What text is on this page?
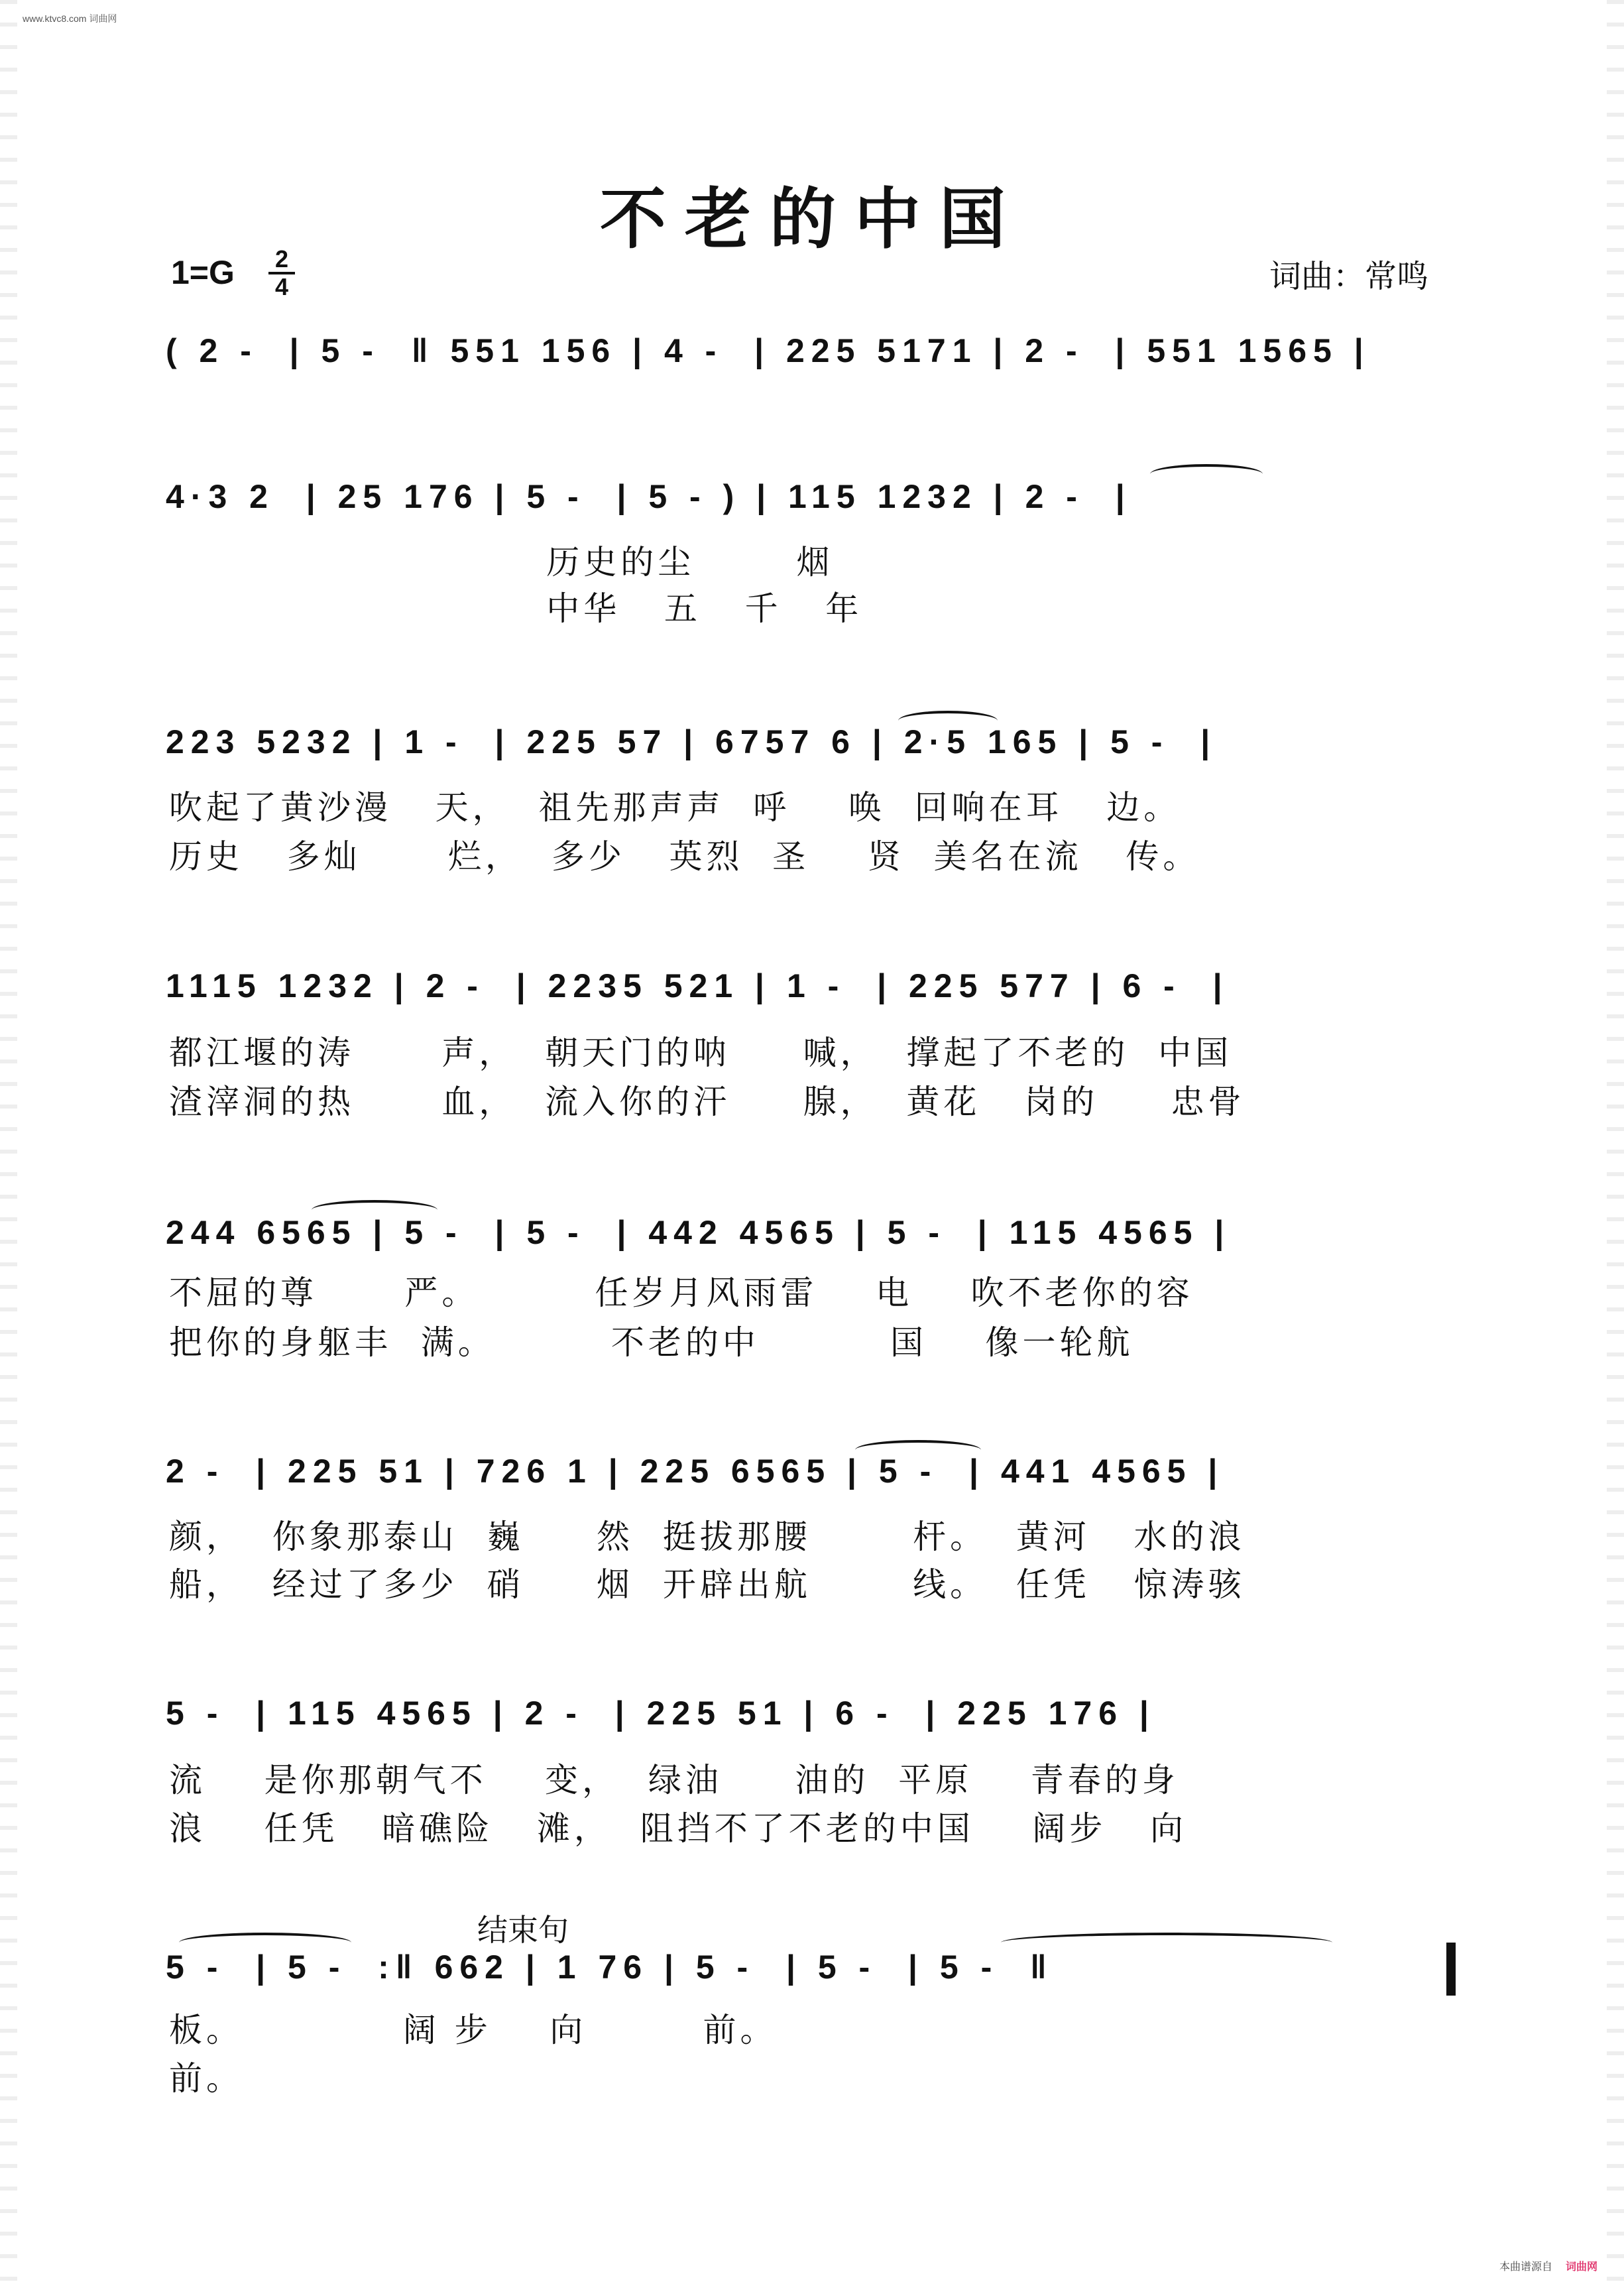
www.ktvc8.com 词曲网
不老的中国
1=G 2
4	词曲：常鸣
( 2 -  | 5 -  ‖ 551 156 | 4 -  | 225 5171 | 2 -  | 551 1565 |
4·3 2  | 25 176 | 5 -  | 5 - ) | 115 1232 | 2 -  |
历史的尘       烟
中华   五   千   年
223 5232 | 1 -  | 225 57 | 6757 6 | 2·5 165 | 5 -  |
吹起了黄沙漫   天，  祖先那声声  呼    唤  回响在耳   边。
历史   多灿      烂，  多少   英烈  圣    贤  美名在流   传。
1115 1232 | 2 -  | 2235 521 | 1 -  | 225 577 | 6 -  |
都江堰的涛      声，  朝天门的呐     喊，  撑起了不老的  中国
渣滓洞的热      血，  流入你的汗     腺，  黄花   岗的     忠骨
244 6565 | 5 -  | 5 -  | 442 4565 | 5 -  | 115 4565 |
不屈的尊      严。        任岁月风雨雷    电    吹不老你的容
把你的身躯丰  满。        不老的中         国    像一轮航
2 -  | 225 51 | 726 1 | 225 6565 | 5 -  | 441 4565 |
颜，  你象那泰山  巍     然  挺拔那腰       杆。  黄河   水的浪
船，  经过了多少  硝     烟  开辟出航       线。  任凭   惊涛骇
5 -  | 115 4565 | 2 -  | 225 51 | 6 -  | 225 176 |
流    是你那朝气不    变，  绿油     油的  平原    青春的身
浪    任凭   暗礁险   滩，  阻挡不了不老的中国    阔步   向
结束句
5 -  | 5 -  :‖ 662 | 1 76 | 5 -  | 5 -  | 5 -  ‖
板。           阔 步    向        前。
前。
本曲谱源自 词曲网
